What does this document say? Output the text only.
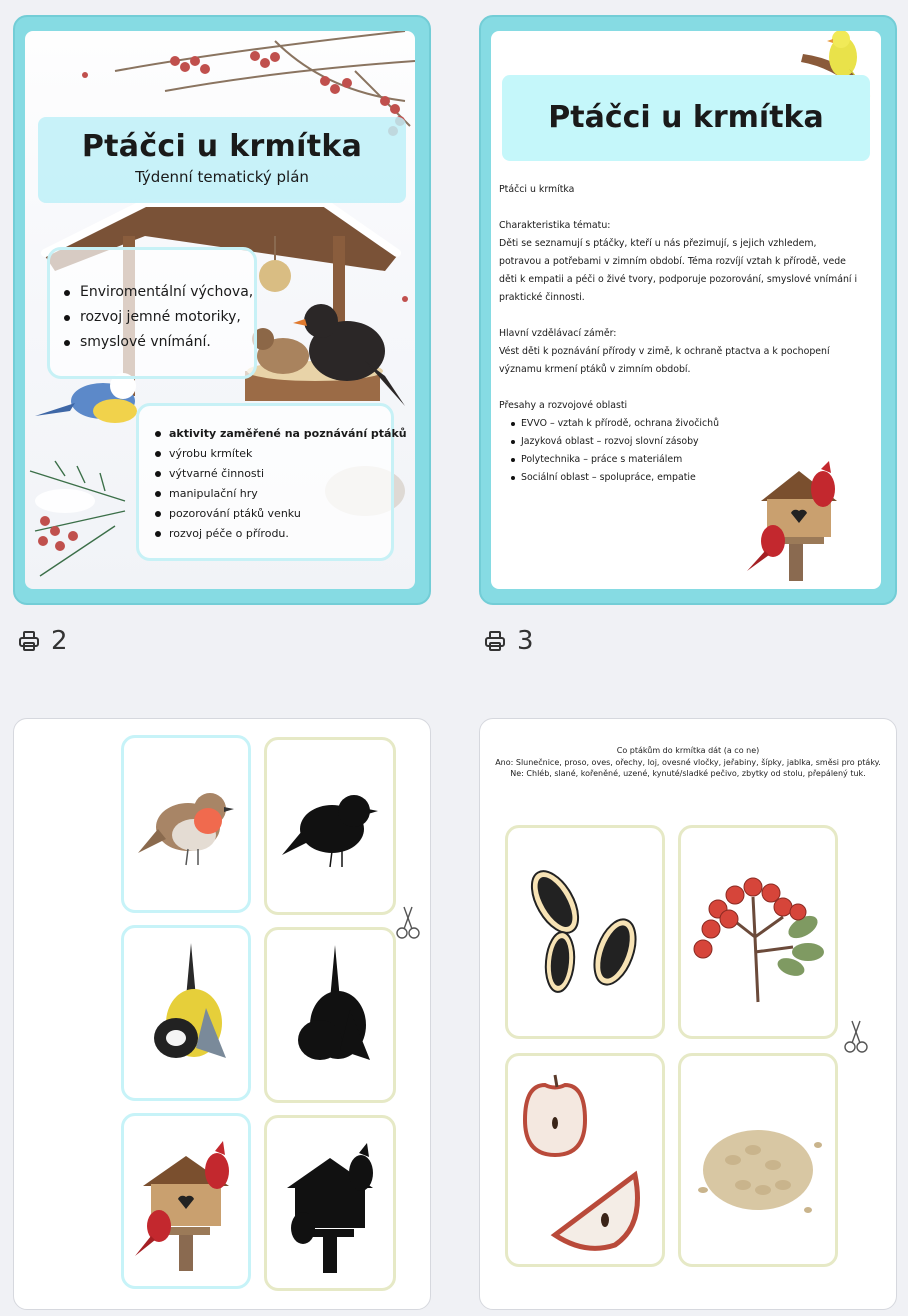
Ptáčci u krmítka
Týdenní tematický plán
Enviromentální výchova,
rozvoj jemné motoriky,
smyslové vnímání.
aktivity zaměřené na poznávání ptáků
výrobu krmítek
výtvarné činnosti
manipulační hry
pozorování ptáků venku
rozvoj péče o přírodu.
2
Ptáčci u krmítka

Ptáčci u krmítka

Charakteristika tématu:

Děti se seznamují s ptáčky, kteří u nás přezimují, s jejich vzhledem,

potravou a potřebami v zimním období. Téma rozvíjí vztah k přírodě, vede

děti k empatii a péči o živé tvory, podporuje pozorování, smyslové vnímání i

praktické činnosti.

Hlavní vzdělávací záměr:

Vést děti k poznávání přírody v zimě, k ochraně ptactva a k pochopení

významu krmení ptáků v zimním období.

Přesahy a rozvojové oblasti

EVVO – vztah k přírodě, ochrana živočichů
Jazyková oblast – rozvoj slovní zásoby
Polytechnika – práce s materiálem
Sociální oblast – spolupráce, empatie
3
Co ptákům do krmítka dát (a co ne)
Ano: Slunečnice, proso, oves, ořechy, loj, ovesné vločky, jeřabiny, šípky, jablka, směsi pro ptáky.
Ne: Chléb, slané, kořeněné, uzené, kynuté/sladké pečivo, zbytky od stolu, přepálený tuk.
